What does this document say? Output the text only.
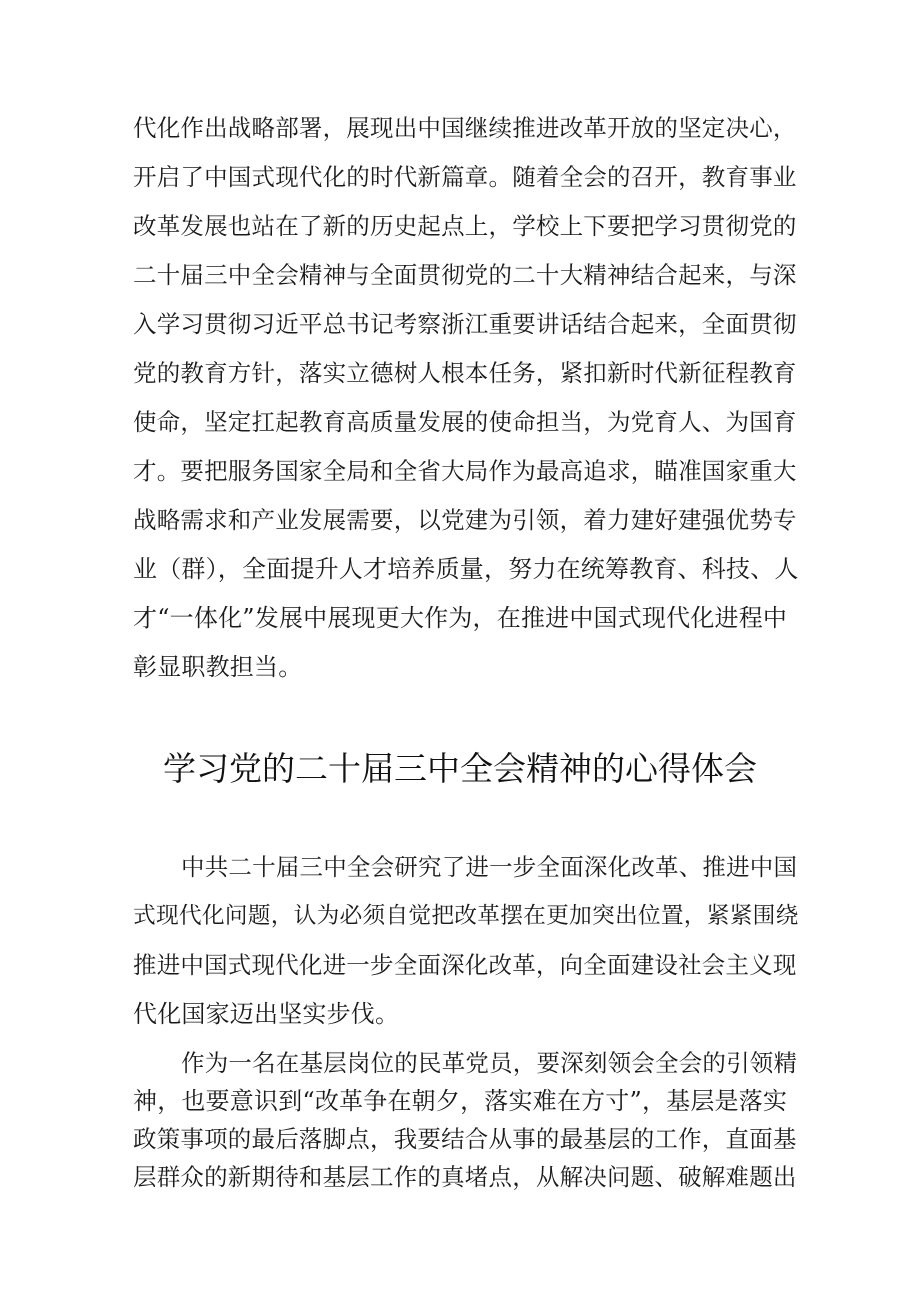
代化作出战略部署，展现出中国继续推进改革开放的坚定决心，
开启了中国式现代化的时代新篇章。随着全会的召开，教育事业
改革发展也站在了新的历史起点上，学校上下要把学习贯彻党的
二十届三中全会精神与全面贯彻党的二十大精神结合起来，与深
入学习贯彻习近平总书记考察浙江重要讲话结合起来，全面贯彻
党的教育方针，落实立德树人根本任务，紧扣新时代新征程教育
使命，坚定扛起教育高质量发展的使命担当，为党育人、为国育
才。要把服务国家全局和全省大局作为最高追求，瞄准国家重大
战略需求和产业发展需要，以党建为引领，着力建好建强优势专
业（群），全面提升人才培养质量，努力在统筹教育、科技、人
才“一体化”发展中展现更大作为，在推进中国式现代化进程中
彰显职教担当。
学习党的二十届三中全会精神的心得体会
中共二十届三中全会研究了进一步全面深化改革、推进中国
式现代化问题，认为必须自觉把改革摆在更加突出位置，紧紧围绕
推进中国式现代化进一步全面深化改革，向全面建设社会主义现
代化国家迈出坚实步伐。
作为一名在基层岗位的民革党员，要深刻领会全会的引领精
神，也要意识到“改革争在朝夕，落实难在方寸”，基层是落实
政策事项的最后落脚点，我要结合从事的最基层的工作，直面基
层群众的新期待和基层工作的真堵点，从解决问题、破解难题出
